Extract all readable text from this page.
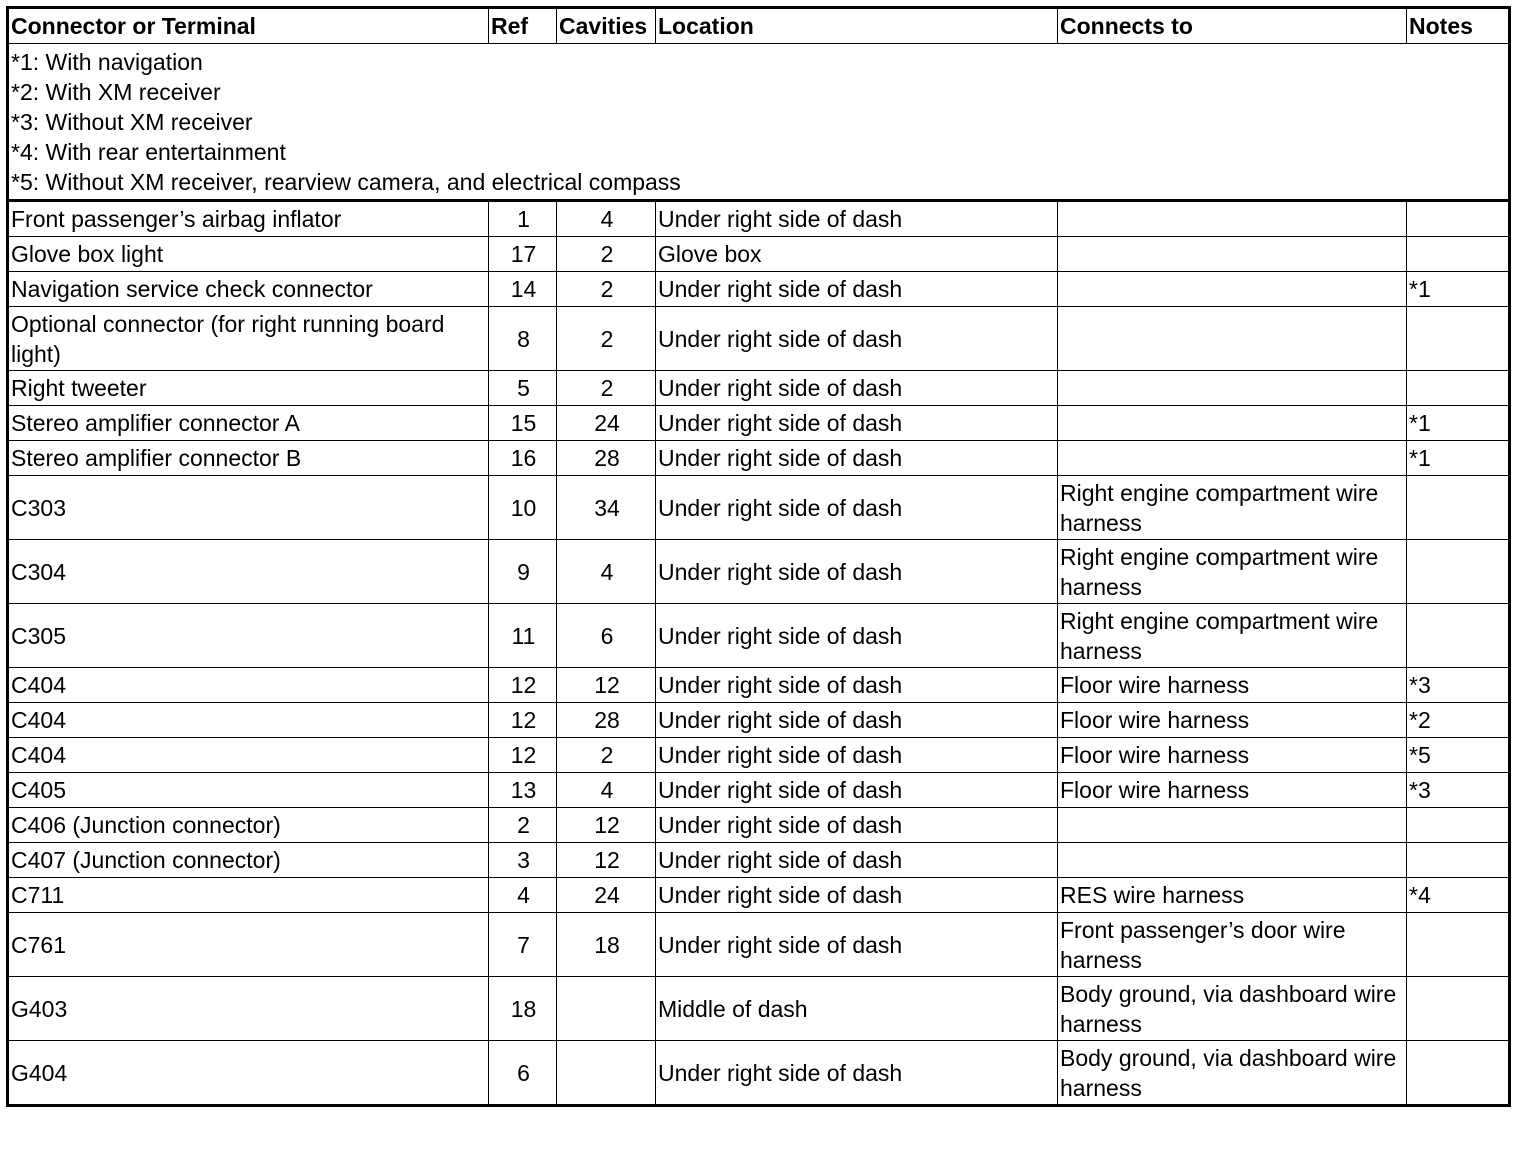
Connector or Terminal	Ref	Cavities	Location	Connects to	Notes

*1: With navigation
*2: With XM receiver
*3: Without XM receiver
*4: With rear entertainment
*5: Without XM receiver, rearview camera, and electrical compass					

Front passenger’s airbag inflator	1	4	Under right side of dash		
Glove box light	17	2	Glove box		
Navigation service check connector	14	2	Under right side of dash		*1
Optional connector (for right running board light)	8	2	Under right side of dash		
Right tweeter	5	2	Under right side of dash		
Stereo amplifier connector A	15	24	Under right side of dash		*1
Stereo amplifier connector B	16	28	Under right side of dash		*1
C303	10	34	Under right side of dash	Right engine compartment wire harness	
C304	9	4	Under right side of dash	Right engine compartment wire harness	
C305	11	6	Under right side of dash	Right engine compartment wire harness	
C404	12	12	Under right side of dash	Floor wire harness	*3
C404	12	28	Under right side of dash	Floor wire harness	*2
C404	12	2	Under right side of dash	Floor wire harness	*5
C405	13	4	Under right side of dash	Floor wire harness	*3
C406 (Junction connector)	2	12	Under right side of dash		
C407 (Junction connector)	3	12	Under right side of dash		
C711	4	24	Under right side of dash	RES wire harness	*4
C761	7	18	Under right side of dash	Front passenger’s door wire harness	
G403	18		Middle of dash	Body ground, via dashboard wire harness	
G404	6		Under right side of dash	Body ground, via dashboard wire harness	
